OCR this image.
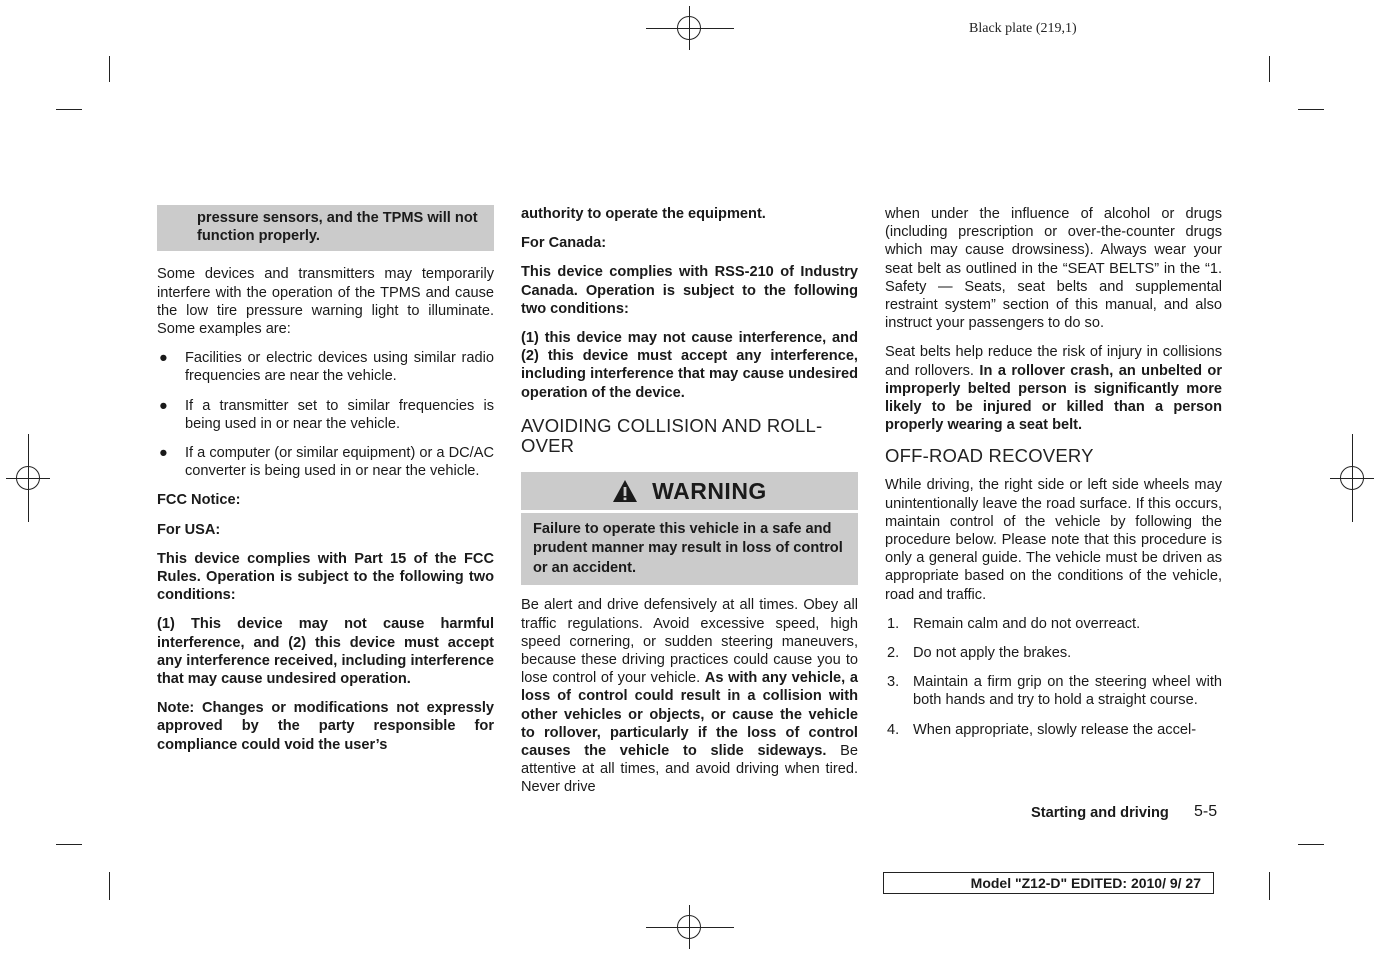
Black plate (219,1)
pressure sensors, and the TPMS will not function properly.

Some devices and transmitters may temporarily interfere with the operation of the TPMS and cause the low tire pressure warning light to illuminate. Some examples are:

● Facilities or electric devices using similar radio frequencies are near the vehicle.
● If a transmitter set to similar frequencies is being used in or near the vehicle.
● If a computer (or similar equipment) or a DC/AC converter is being used in or near the vehicle.

FCC Notice:

For USA:

This device complies with Part 15 of the FCC Rules. Operation is subject to the following two conditions:

(1) This device may not cause harmful interference, and (2) this device must accept any interference received, including interference that may cause undesired operation.

Note: Changes or modifications not expressly approved by the party responsible for compliance could void the user’s

authority to operate the equipment.

For Canada:

This device complies with RSS-210 of Industry Canada. Operation is subject to the following two conditions:

(1) this device may not cause interference, and (2) this device must accept any interference, including interference that may cause undesired operation of the device.

AVOIDING COLLISION AND ROLL-OVER
WARNING
Failure to operate this vehicle in a safe and prudent manner may result in loss of control or an accident.

Be alert and drive defensively at all times. Obey all traffic regulations. Avoid excessive speed, high speed cornering, or sudden steering maneuvers, because these driving practices could cause you to lose control of your vehicle. As with any vehicle, a loss of control could result in a collision with other vehicles or objects, or cause the vehicle to rollover, particularly if the loss of control causes the vehicle to slide sideways. Be attentive at all times, and avoid driving when tired. Never drive

when under the influence of alcohol or drugs (including prescription or over-the-counter drugs which may cause drowsiness). Always wear your seat belt as outlined in the “SEAT BELTS” in the “1. Safety — Seats, seat belts and supplemental restraint system” section of this manual, and also instruct your passengers to do so.

Seat belts help reduce the risk of injury in collisions and rollovers. In a rollover crash, an unbelted or improperly belted person is significantly more likely to be injured or killed than a person properly wearing a seat belt.

OFF-ROAD RECOVERY

While driving, the right side or left side wheels may unintentionally leave the road surface. If this occurs, maintain control of the vehicle by following the procedure below. Please note that this procedure is only a general guide. The vehicle must be driven as appropriate based on the conditions of the vehicle, road and traffic.

1. Remain calm and do not overreact.
2. Do not apply the brakes.
3. Maintain a firm grip on the steering wheel with both hands and try to hold a straight course.
4. When appropriate, slowly release the accel-
Starting and driving 5-5
Model "Z12-D" EDITED: 2010/ 9/ 27
